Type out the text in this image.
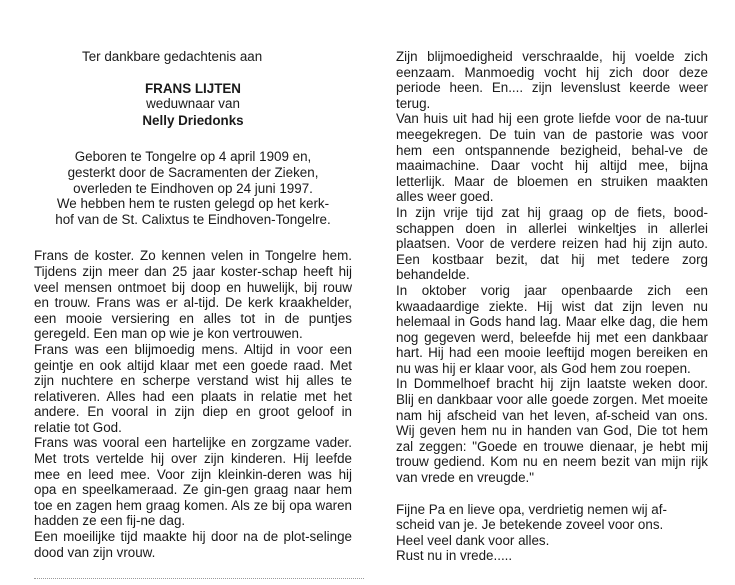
Ter dankbare gedachtenis aan
FRANS LIJTEN
weduwnaar van
Nelly Driedonks
Geboren te Tongelre op 4 april 1909 en,
gesterkt door de Sacramenten der Zieken,
overleden te Eindhoven op 24 juni 1997.
We hebben hem te rusten gelegd op het kerk-
hof van de St. Calixtus te Eindhoven-Tongelre.
Frans de koster. Zo kennen velen in Tongelre hem. Tijdens zijn meer dan 25 jaar koster-schap heeft hij veel mensen ontmoet bij doop en huwelijk, bij rouw en trouw. Frans was er al-tijd. De kerk kraakhelder, een mooie versiering en alles tot in de puntjes geregeld. Een man op wie je kon vertrouwen.
Frans was een blijmoedig mens. Altijd in voor een geintje en ook altijd klaar met een goede raad. Met zijn nuchtere en scherpe verstand wist hij alles te relativeren. Alles had een plaats in relatie met het andere. En vooral in zijn diep en groot geloof in relatie tot God.
Frans was vooral een hartelijke en zorgzame vader. Met trots vertelde hij over zijn kinderen. Hij leefde mee en leed mee. Voor zijn kleinkin-deren was hij opa en speelkameraad. Ze gin-gen graag naar hem toe en zagen hem graag komen. Als ze bij opa waren hadden ze een fij-ne dag.
Een moeilijke tijd maakte hij door na de plot-selinge dood van zijn vrouw.
Zijn blijmoedigheid verschraalde, hij voelde zich eenzaam. Manmoedig vocht hij zich door deze periode heen. En.... zijn levenslust keerde weer terug.
Van huis uit had hij een grote liefde voor de na-tuur meegekregen. De tuin van de pastorie was voor hem een ontspannende bezigheid, behal-ve de maaimachine. Daar vocht hij altijd mee, bijna letterlijk. Maar de bloemen en struiken maakten alles weer goed.
In zijn vrije tijd zat hij graag op de fiets, bood-schappen doen in allerlei winkeltjes in allerlei plaatsen. Voor de verdere reizen had hij zijn auto. Een kostbaar bezit, dat hij met tedere zorg behandelde.
In oktober vorig jaar openbaarde zich een kwaadaardige ziekte. Hij wist dat zijn leven nu helemaal in Gods hand lag. Maar elke dag, die hem nog gegeven werd, beleefde hij met een dankbaar hart. Hij had een mooie leeftijd mogen bereiken en nu was hij er klaar voor, als God hem zou roepen.
In Dommelhoef bracht hij zijn laatste weken door. Blij en dankbaar voor alle goede zorgen. Met moeite nam hij afscheid van het leven, af-scheid van ons. Wij geven hem nu in handen van God, Die tot hem zal zeggen: "Goede en trouwe dienaar, je hebt mij trouw gediend. Kom nu en neem bezit van mijn rijk van vrede en vreugde."
Fijne Pa en lieve opa, verdrietig nemen wij af-
scheid van je. Je betekende zoveel voor ons.
Heel veel dank voor alles.
Rust nu in vrede.....
